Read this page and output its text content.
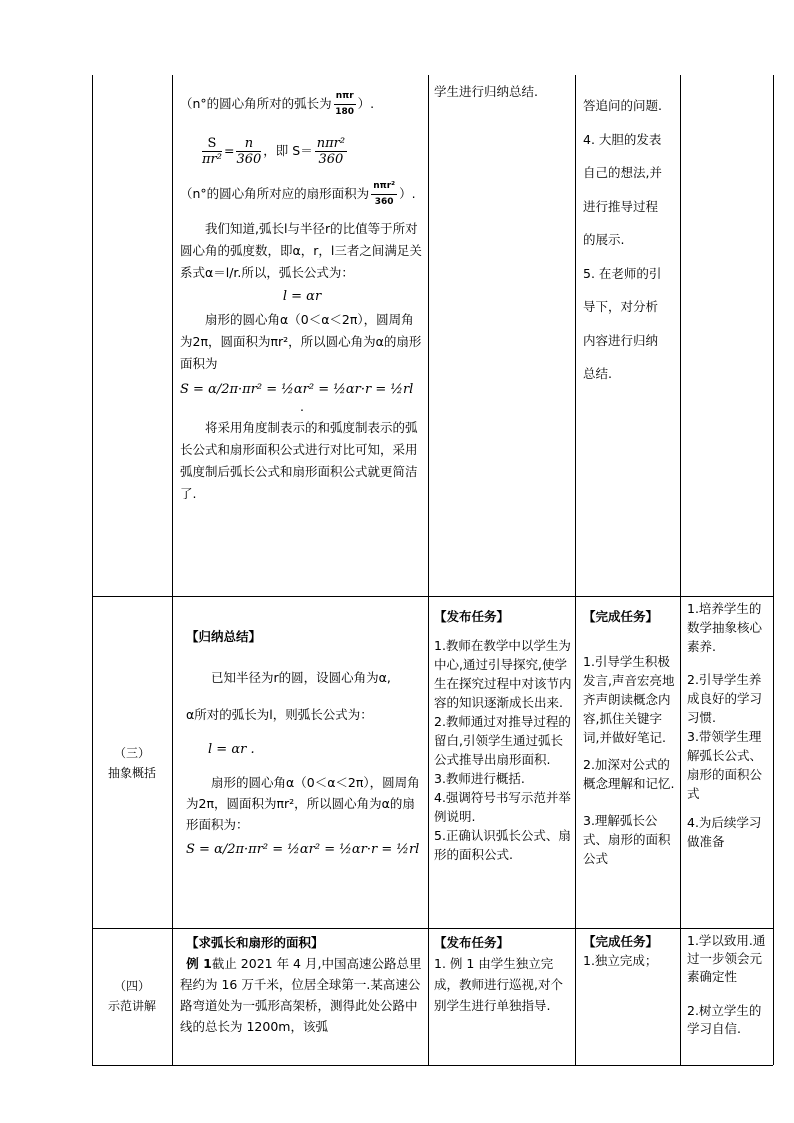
（n°的圆心角所对的弧长为 $\frac{\text{nπr}}{180}$ ）.

$\frac{S}{\text{πr²}} = \frac{n}{360}$ ，即 $S= \frac{\text{nπr²}}{360}$

（n°的圆心角所对应的扇形面积为 $\frac{\text{nπr²}}{360}$ ）.

我们知道,弧长l与半径r的比值等于所对圆心角的弧度数，即α，r，l三者之间满足关系式α＝l/r.所以，弧长公式为：

l = αr

扇形的圆心角α（0＜α＜2π），圆周角为2π，圆面积为πr²，所以圆心角为α的扇形面积为

S = α/2π·πr² = ½αr² = ½αr·r = ½rl

.

将采用角度制表示的和弧度制表示的弧长公式和扇形面积公式进行对比可知，采用弧度制后弧长公式和扇形面积公式就更简洁了.

学生进行归纳总结.

答追问的问题.

4. 大胆的发表

自己的想法,并

进行推导过程

的展示.

5. 在老师的引

导下，对分析

内容进行归纳

总结.

（三）

抽象概括

【归纳总结】

已知半径为r的圆，设圆心角为α,

α所对的弧长为l，则弧长公式为：

l = αr .

扇形的圆心角α（0＜α＜2π），圆周角为2π，圆面积为πr²，所以圆心角为α的扇形面积为：

S = α/2π·πr² = ½αr² = ½αr·r = ½rl

【发布任务】

1.教师在教学中以学生为中心,通过引导探究,使学生在探究过程中对该节内容的知识逐渐成长出来.

2.教师通过对推导过程的留白,引领学生通过弧长公式推导出扇形面积.

3.教师进行概括.

4.强调符号书写示范并举例说明.

5.正确认识弧长公式、扇形的面积公式.

【完成任务】

1.引导学生积极发言,声音宏亮地齐声朗读概念内容,抓住关键字词,并做好笔记.

2.加深对公式的概念理解和记忆.

3.理解弧长公式、扇形的面积公式

1.培养学生的数学抽象核心素养.

2.引导学生养成良好的学习习惯.

3.带领学生理解弧长公式、扇形的面积公式

4.为后续学习做准备

（四）

示范讲解

【求弧长和扇形的面积】

例 1截止 2021 年 4 月,中国高速公路总里程约为 16 万千米，位居全球第一.某高速公路弯道处为一弧形高架桥，测得此处公路中线的总长为 1200m，该弧

【发布任务】

1. 例 1 由学生独立完成，教师进行巡视,对个别学生进行单独指导.

【完成任务】

1.独立完成；

1.学以致用.通过一步领会元素确定性

2.树立学生的学习自信.
